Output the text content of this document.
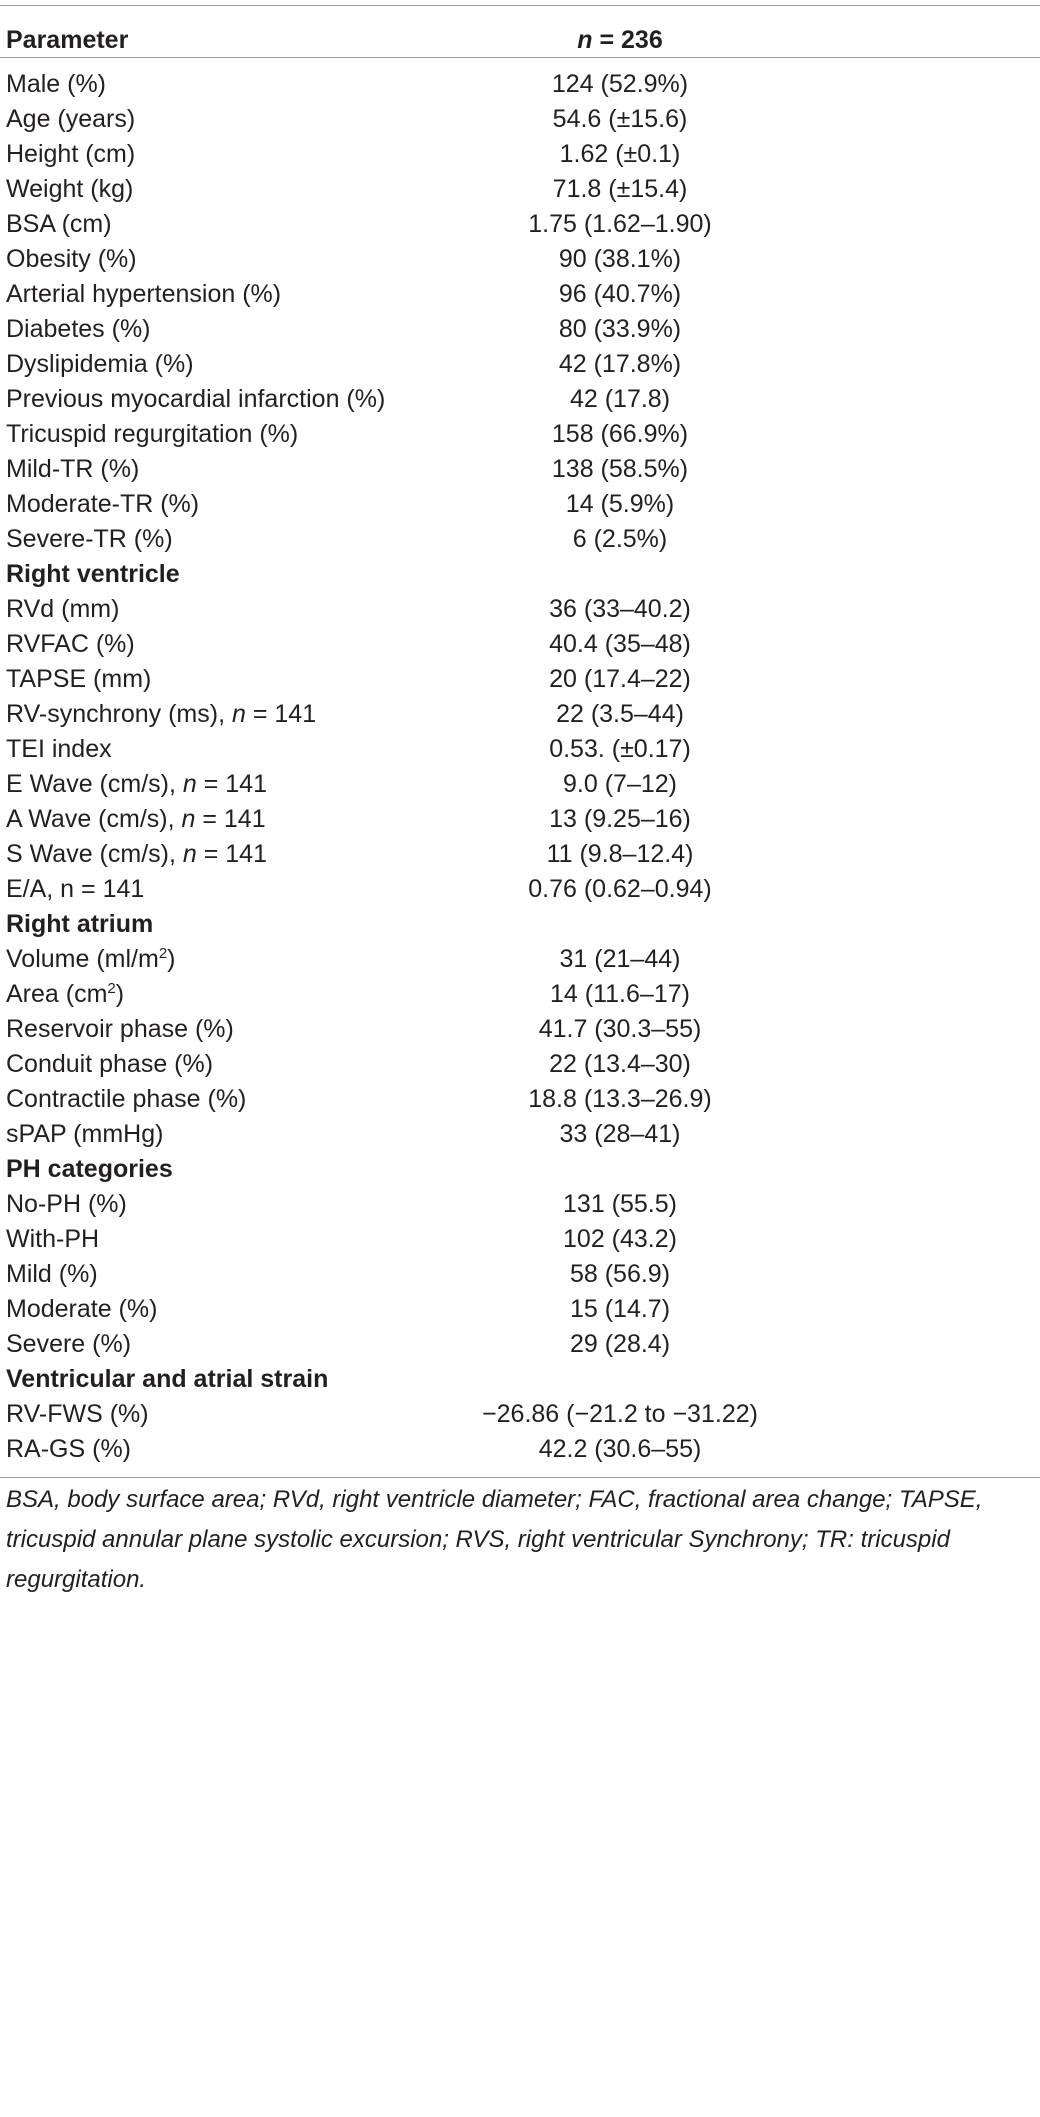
Parameter	n = 236
Male (%)	124 (52.9%)
Age (years)	54.6 (±15.6)
Height (cm)	1.62 (±0.1)
Weight (kg)	71.8 (±15.4)
BSA (cm)	1.75 (1.62–1.90)
Obesity (%)	90 (38.1%)
Arterial hypertension (%)	96 (40.7%)
Diabetes (%)	80 (33.9%)
Dyslipidemia (%)	42 (17.8%)
Previous myocardial infarction (%)	42 (17.8)
Tricuspid regurgitation (%)	158 (66.9%)
Mild-TR (%)	138 (58.5%)
Moderate-TR (%)	14 (5.9%)
Severe-TR (%)	6 (2.5%)
Right ventricle
RVd (mm)	36 (33–40.2)
RVFAC (%)	40.4 (35–48)
TAPSE (mm)	20 (17.4–22)
RV-synchrony (ms), n = 141	22 (3.5–44)
TEI index	0.53. (±0.17)
E Wave (cm/s), n = 141	9.0 (7–12)
A Wave (cm/s), n = 141	13 (9.25–16)
S Wave (cm/s), n = 141	11 (9.8–12.4)
E/A, n = 141	0.76 (0.62–0.94)
Right atrium
Volume $(ml/m^2)$	31 (21–44)
Area $(cm^2)$	14 (11.6–17)
Reservoir phase (%)	41.7 (30.3–55)
Conduit phase (%)	22 (13.4–30)
Contractile phase (%)	18.8 (13.3–26.9)
sPAP (mmHg)	33 (28–41)
PH categories
No-PH (%)	131 (55.5)
With-PH	102 (43.2)
Mild (%)	58 (56.9)
Moderate (%)	15 (14.7)
Severe (%)	29 (28.4)
Ventricular and atrial strain
RV-FWS (%)	−26.86 (−21.2 to −31.22)
RA-GS (%)	42.2 (30.6–55)
BSA, body surface area; RVd, right ventricle diameter; FAC, fractional area change; TAPSE, tricuspid annular plane systolic excursion; RVS, right ventricular Synchrony; TR: tricuspid regurgitation.
